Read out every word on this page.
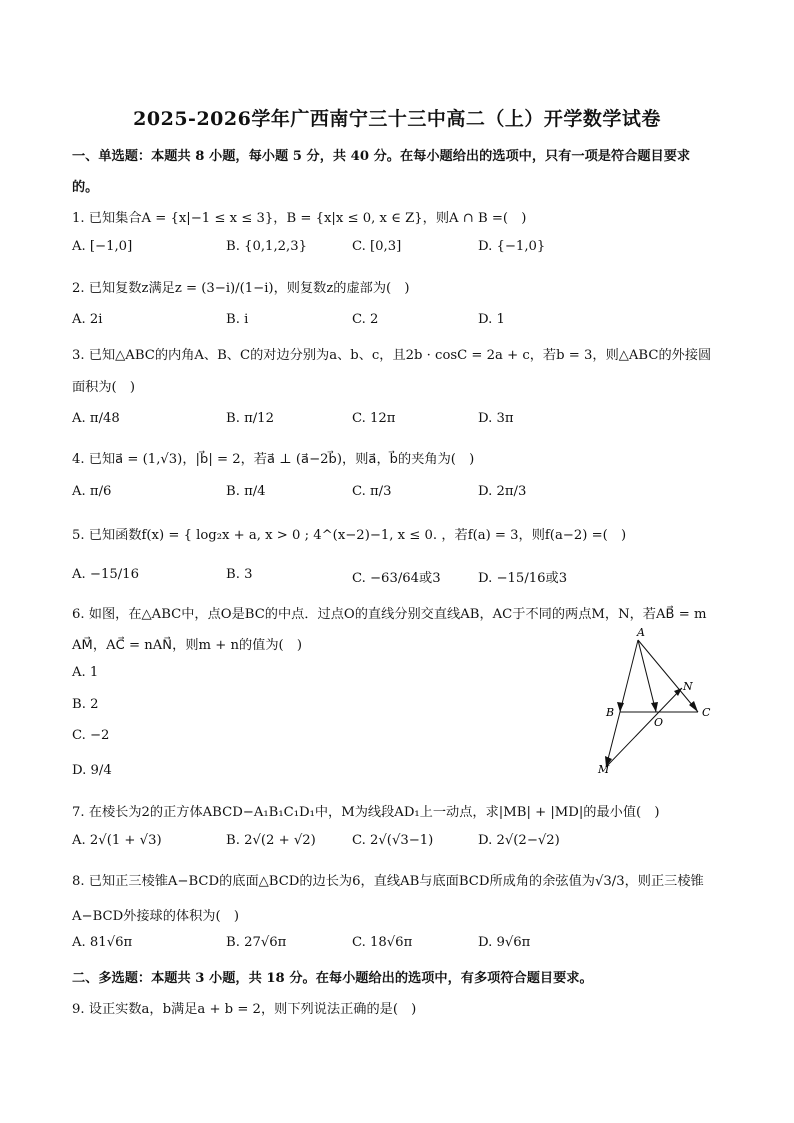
2025-2026学年广西南宁三十三中高二（上）开学数学试卷
一、单选题：本题共 8 小题，每小题 5 分，共 40 分。在每小题给出的选项中，只有一项是符合题目要求
的。
1. 已知集合A = {x|−1 ≤ x ≤ 3}，B = {x|x ≤ 0, x ∈ Z}，则A ∩ B =(　)
A. [−1,0]	B. {0,1,2,3}	C. [0,3]	D. {−1,0}
2. 已知复数z满足z = (3−i)/(1−i)，则复数z的虚部为(　)
A. 2i	B. i	C. 2	D. 1
3. 已知△ABC的内角A、B、C的对边分别为a、b、c，且2b · cosC = 2a + c，若b = 3，则△ABC的外接圆
面积为(　)
A. π/48	B. π/12	C. 12π	D. 3π
4. 已知a⃗ = (1,√3)，|b⃗| = 2，若a⃗ ⊥ (a⃗−2b⃗)，则a⃗，b⃗的夹角为(　)
A. π/6	B. π/4	C. π/3	D. 2π/3
5. 已知函数f(x) = { log₂x + a, x > 0 ; 4^(x−2)−1, x ≤ 0. ，若f(a) = 3，则f(a−2) =(　)
A. −15/16	B. 3	C. −63/64或3	D. −15/16或3
6. 如图，在△ABC中，点O是BC的中点．过点O的直线分别交直线AB，AC于不同的两点M，N，若AB⃗ = m
AM⃗，AC⃗ = nAN⃗，则m + n的值为(　)
A. 1
B. 2
C. −2
D. 9/4
A
B	C
O
N
M
7. 在棱长为2的正方体ABCD−A₁B₁C₁D₁中，M为线段AD₁上一动点，求|MB| + |MD|的最小值(　)
A. 2√(1 + √3)	B. 2√(2 + √2)	C. 2√(√3−1)	D. 2√(2−√2)
8. 已知正三棱锥A−BCD的底面△BCD的边长为6，直线AB与底面BCD所成角的余弦值为√3/3，则正三棱锥
A−BCD外接球的体积为(　)
A. 81√6π	B. 27√6π	C. 18√6π	D. 9√6π
二、多选题：本题共 3 小题，共 18 分。在每小题给出的选项中，有多项符合题目要求。
9. 设正实数a，b满足a + b = 2，则下列说法正确的是(　)
